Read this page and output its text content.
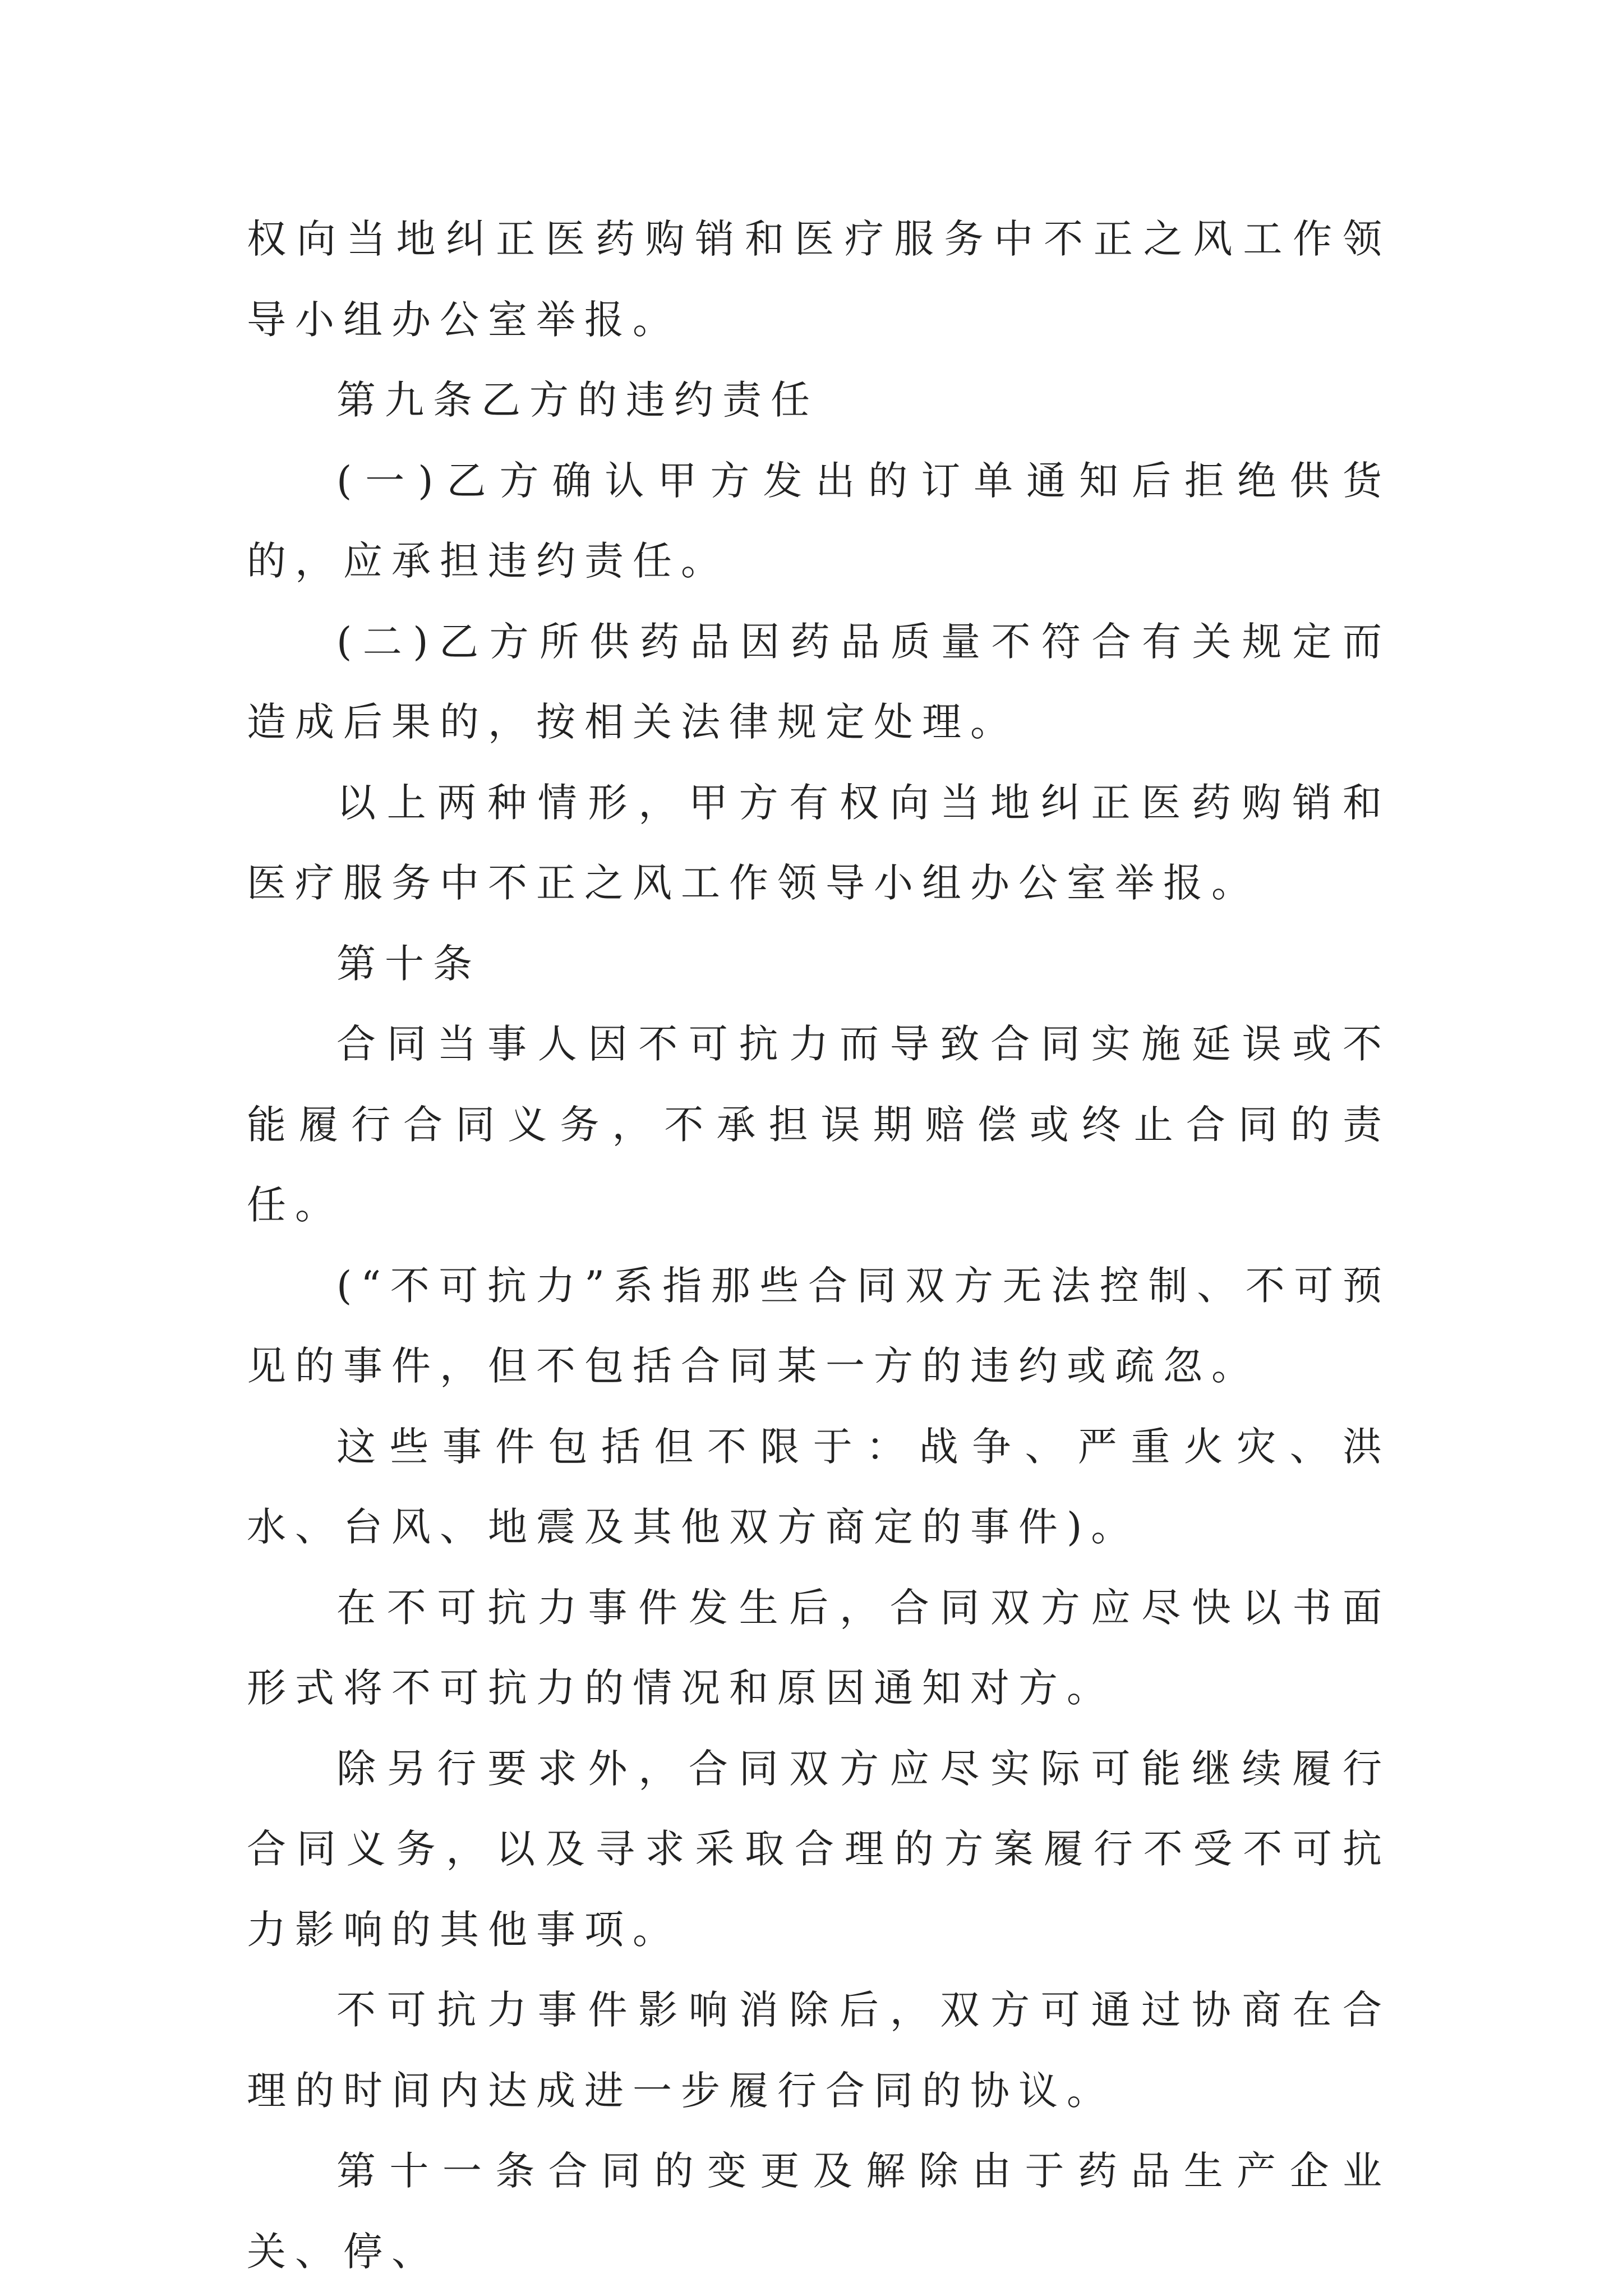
权向当地纠正医药购销和医疗服务中不正之风工作领导小组办公室举报。

第九条乙方的违约责任

(一)乙方确认甲方发出的订单通知后拒绝供货的，应承担违约责任。

(二)乙方所供药品因药品质量不符合有关规定而造成后果的，按相关法律规定处理。

以上两种情形，甲方有权向当地纠正医药购销和医疗服务中不正之风工作领导小组办公室举报。

第十条

合同当事人因不可抗力而导致合同实施延误或不能履行合同义务，不承担误期赔偿或终止合同的责任。

(“不可抗力”系指那些合同双方无法控制、不可预见的事件，但不包括合同某一方的违约或疏忽。

这些事件包括但不限于：战争、严重火灾、洪水、台风、地震及其他双方商定的事件)。

在不可抗力事件发生后，合同双方应尽快以书面形式将不可抗力的情况和原因通知对方。

除另行要求外，合同双方应尽实际可能继续履行合同义务，以及寻求采取合理的方案履行不受不可抗力影响的其他事项。

不可抗力事件影响消除后，双方可通过协商在合理的时间内达成进一步履行合同的协议。

第十一条合同的变更及解除由于药品生产企业关、停、
